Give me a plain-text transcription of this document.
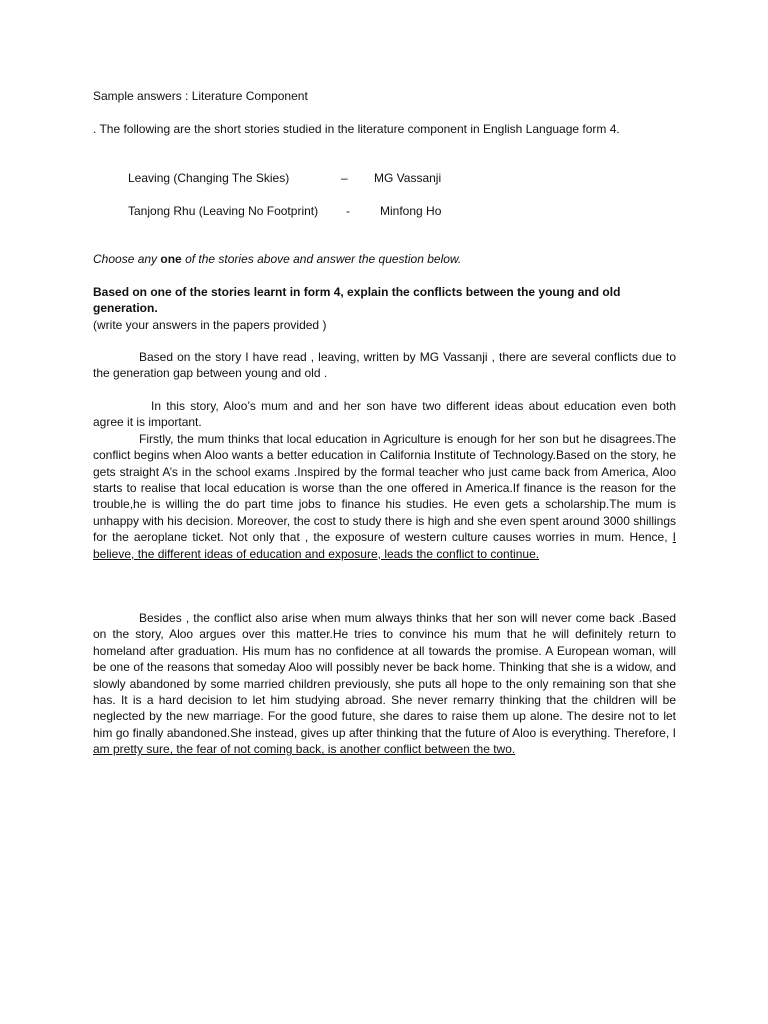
Sample answers : Literature Component
. The following are the short stories studied in the literature component in English Language form 4.
Leaving (Changing The Skies)	– MG Vassanji
Tanjong Rhu (Leaving No Footprint) -	Minfong Ho
Choose any one of the stories above and answer the question below.
Based on one of the stories learnt in form 4, explain the conflicts between the young and old generation.
(write your answers in the papers provided )

Based on the story I have read , leaving, written by MG Vassanji , there are several conflicts due to the generation gap between young and old .

In this story, Aloo’s mum and and her son have two different ideas about education even both agree it is important.

Firstly, the mum thinks that local education in Agriculture is enough for her son but he disagrees.The conflict begins when Aloo wants a better education in California Institute of Technology.Based on the story, he gets straight A’s in the school exams .Inspired by the formal teacher who just came back from America, Aloo starts to realise that local education is worse than the one offered in America.If finance is the reason for the trouble,he is willing the do part time jobs to finance his studies. He even gets a scholarship.The mum is unhappy with his decision. Moreover, the cost to study there is high and she even spent around 3000 shillings for the aeroplane ticket. Not only that , the exposure of western culture causes worries in mum. Hence, I believe, the different ideas of education and exposure, leads the conflict to continue.

Besides , the conflict also arise when mum always thinks that her son will never come back .Based on the story, Aloo argues over this matter.He tries to convince his mum that he will definitely return to homeland after graduation. His mum has no confidence at all towards the promise. A European woman, will be one of the reasons that someday Aloo will possibly never be back home. Thinking that she is a widow, and slowly abandoned by some married children previously, she puts all hope to the only remaining son that she has. It is a hard decision to let him studying abroad. She never remarry thinking that the children will be neglected by the new marriage. For the good future, she dares to raise them up alone. The desire not to let him go finally abandoned.She instead, gives up after thinking that the future of Aloo is everything. Therefore, I am pretty sure, the fear of not coming back, is another conflict between the two.
